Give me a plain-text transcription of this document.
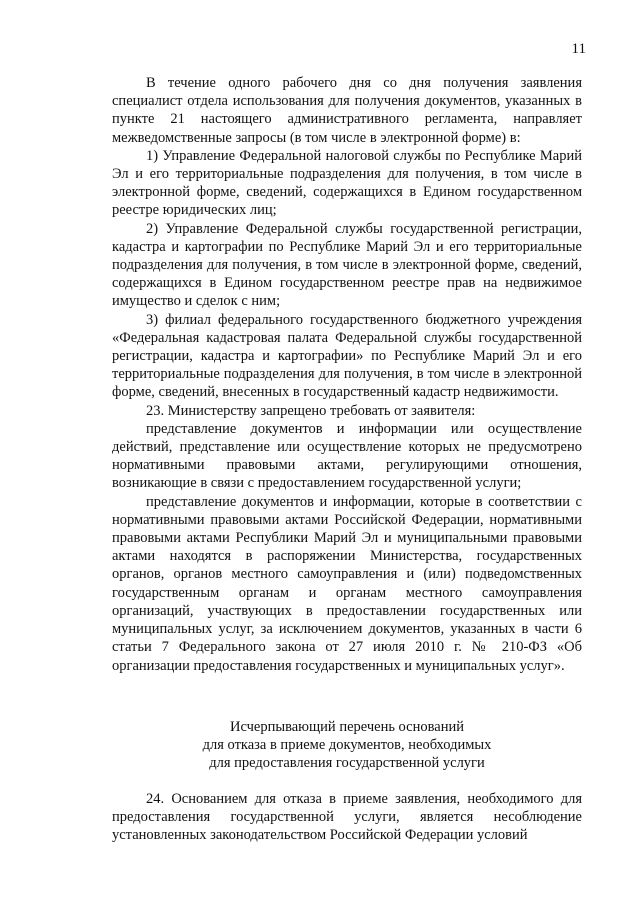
11

В течение одного рабочего дня со дня получения заявления специалист отдела использования для получения документов, указанных в пункте 21 настоящего административного регламента, направляет межведомственные запросы (в том числе в электронной форме) в:

1) Управление Федеральной налоговой службы по Республике Марий Эл и его территориальные подразделения для получения, в том числе в электронной форме, сведений, содержащихся в Едином государственном реестре юридических лиц;

2) Управление Федеральной службы государственной регистрации, кадастра и картографии по Республике Марий Эл и его территориальные подразделения для получения, в том числе в электронной форме, сведений, содержащихся в Едином государственном реестре прав на недвижимое имущество и сделок с ним;

3) филиал федерального государственного бюджетного учреждения «Федеральная кадастровая палата Федеральной службы государственной регистрации, кадастра и картографии» по Республике Марий Эл и его территориальные подразделения для получения, в том числе в электронной форме, сведений, внесенных в государственный кадастр недвижимости.

23. Министерству запрещено требовать от заявителя:

представление документов и информации или осуществление действий, представление или осуществление которых не предусмотрено нормативными правовыми актами, регулирующими отношения, возникающие в связи с предоставлением государственной услуги;

представление документов и информации, которые в соответствии с нормативными правовыми актами Российской Федерации, нормативными правовыми актами Республики Марий Эл и муниципальными правовыми актами находятся в распоряжении Министерства, государственных органов, органов местного самоуправления и (или) подведомственных государственным органам и органам местного самоуправления организаций, участвующих в предоставлении государственных или муниципальных услуг, за исключением документов, указанных в части 6 статьи 7 Федерального закона от 27 июля 2010 г. № 210-ФЗ «Об организации предоставления государственных и муниципальных услуг».

Исчерпывающий перечень оснований
для отказа в приеме документов, необходимых
для предоставления государственной услуги

24. Основанием для отказа в приеме заявления, необходимого для предоставления государственной услуги, является несоблюдение установленных законодательством Российской Федерации условий
